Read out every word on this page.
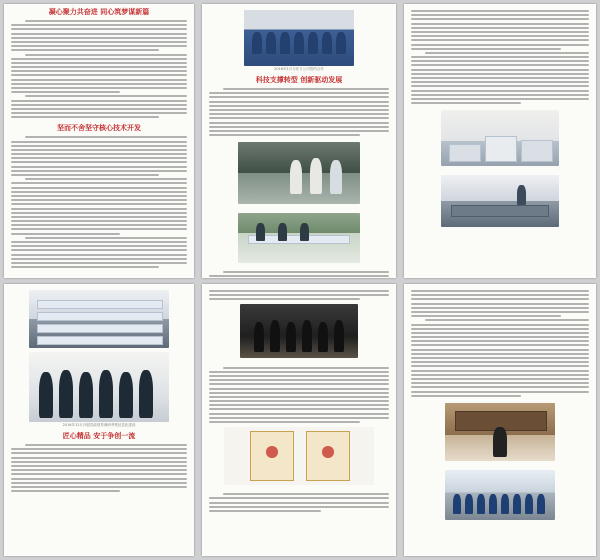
凝心聚力共奋进 同心筑梦谋新篇
坚而不舍坚守核心技术开发
2016年1月与东方公司签约合作
科技支撑转型 创新驱动发展
2016年12月开展党政领导调研考察信息化建设
匠心精品 安于争创一流
